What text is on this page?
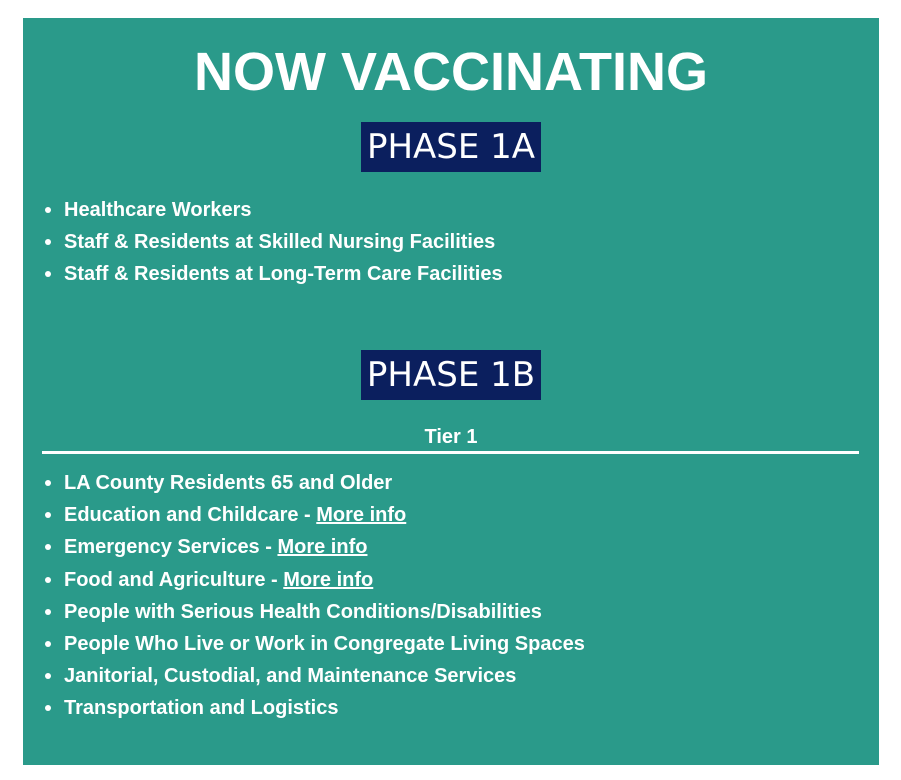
NOW VACCINATING
PHASE 1A
Healthcare Workers
Staff & Residents at Skilled Nursing Facilities
Staff & Residents at Long-Term Care Facilities
PHASE 1B
Tier 1
LA County Residents 65 and Older
Education and Childcare - More info
Emergency Services - More info
Food and Agriculture - More info
People with Serious Health Conditions/Disabilities
People Who Live or Work in Congregate Living Spaces
Janitorial, Custodial, and Maintenance Services
Transportation and Logistics
